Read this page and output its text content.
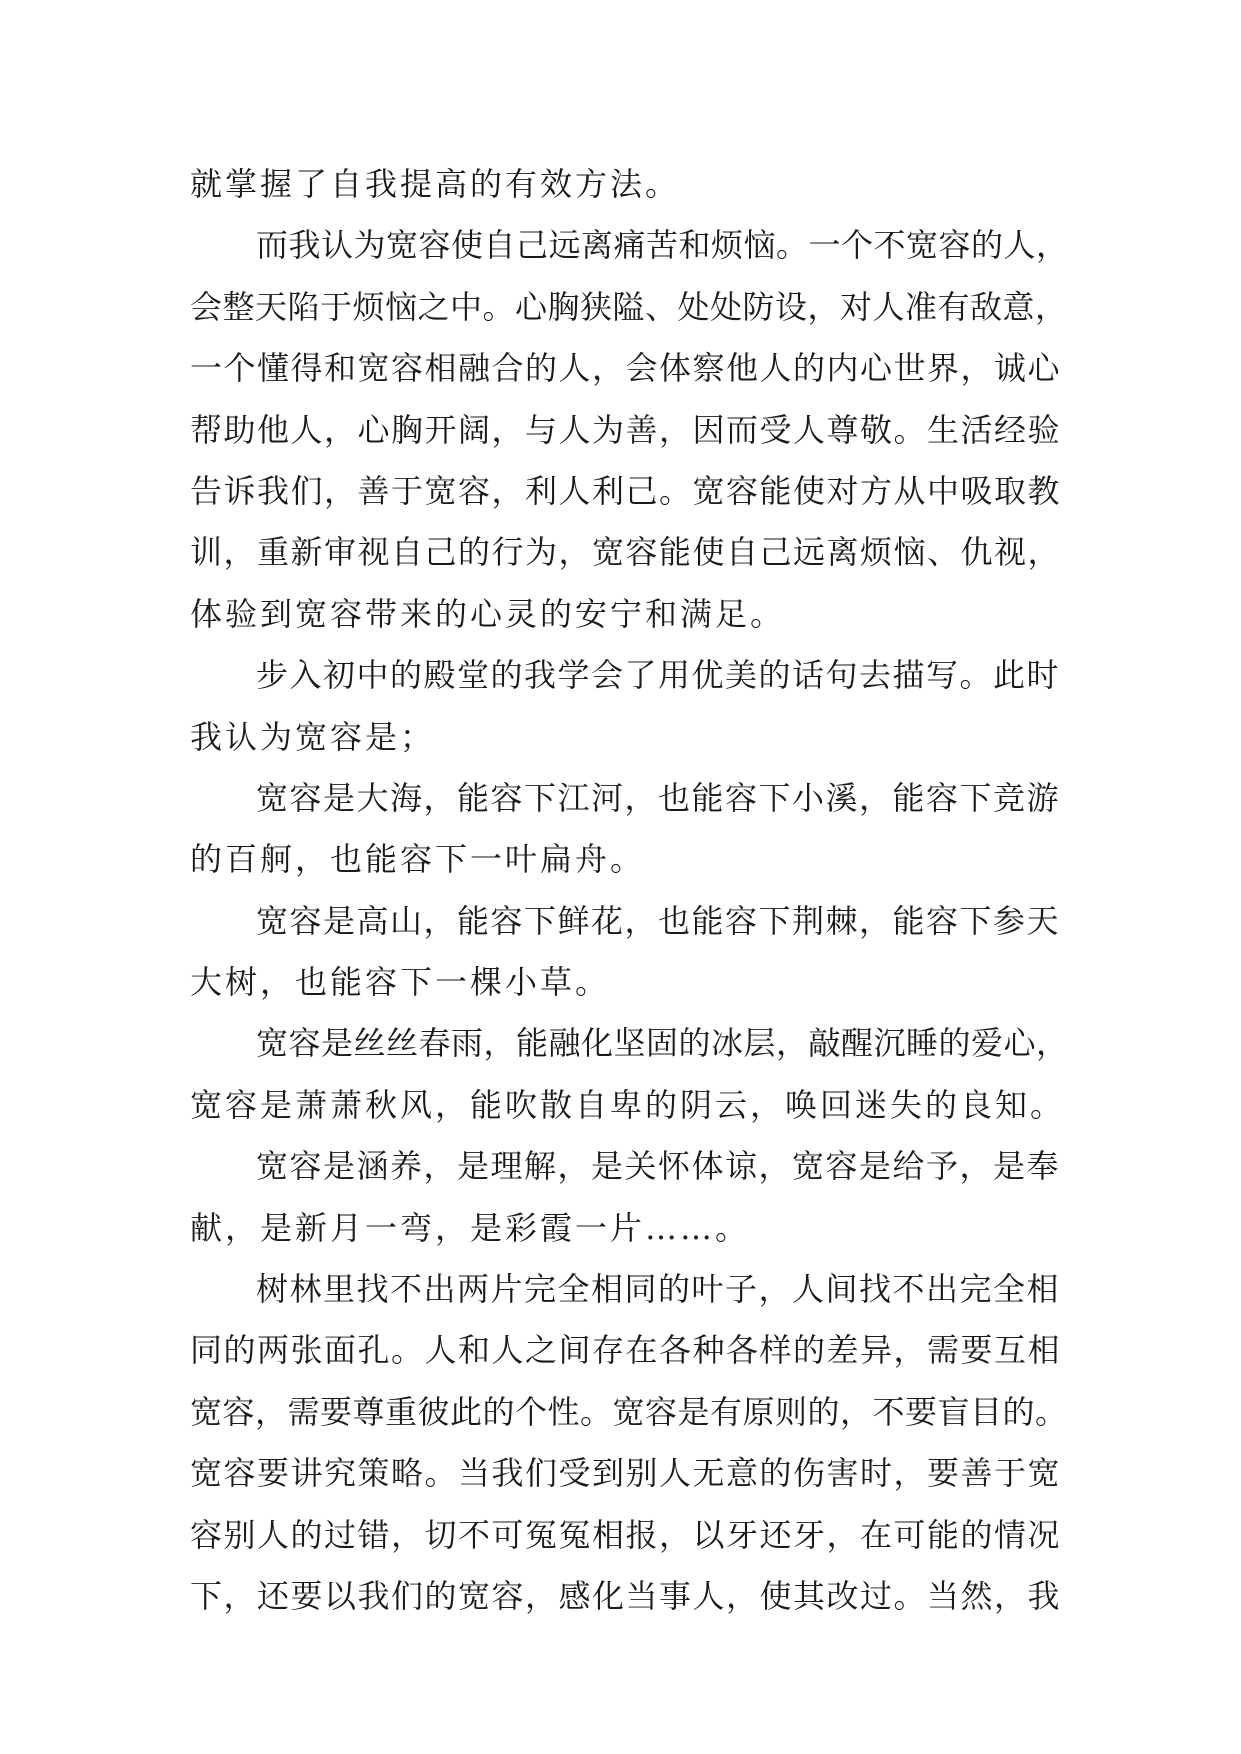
就掌握了自我提高的有效方法。
而我认为宽容使自己远离痛苦和烦恼。一个不宽容的人，
会整天陷于烦恼之中。心胸狭隘、处处防设，对人准有敌意，
一个懂得和宽容相融合的人，会体察他人的内心世界，诚心
帮助他人，心胸开阔，与人为善，因而受人尊敬。生活经验
告诉我们，善于宽容，利人利己。宽容能使对方从中吸取教
训，重新审视自己的行为，宽容能使自己远离烦恼、仇视，
体验到宽容带来的心灵的安宁和满足。
步入初中的殿堂的我学会了用优美的话句去描写。此时
我认为宽容是；
宽容是大海，能容下江河，也能容下小溪，能容下竞游
的百舸，也能容下一叶扁舟。
宽容是高山，能容下鲜花，也能容下荆棘，能容下参天
大树，也能容下一棵小草。
宽容是丝丝春雨，能融化坚固的冰层，敲醒沉睡的爱心，
宽容是萧萧秋风，能吹散自卑的阴云，唤回迷失的良知。
宽容是涵养，是理解，是关怀体谅，宽容是给予，是奉
献，是新月一弯，是彩霞一片……。
树林里找不出两片完全相同的叶子，人间找不出完全相
同的两张面孔。人和人之间存在各种各样的差异，需要互相
宽容，需要尊重彼此的个性。宽容是有原则的，不要盲目的。
宽容要讲究策略。当我们受到别人无意的伤害时，要善于宽
容别人的过错，切不可冤冤相报，以牙还牙，在可能的情况
下，还要以我们的宽容，感化当事人，使其改过。当然，我
